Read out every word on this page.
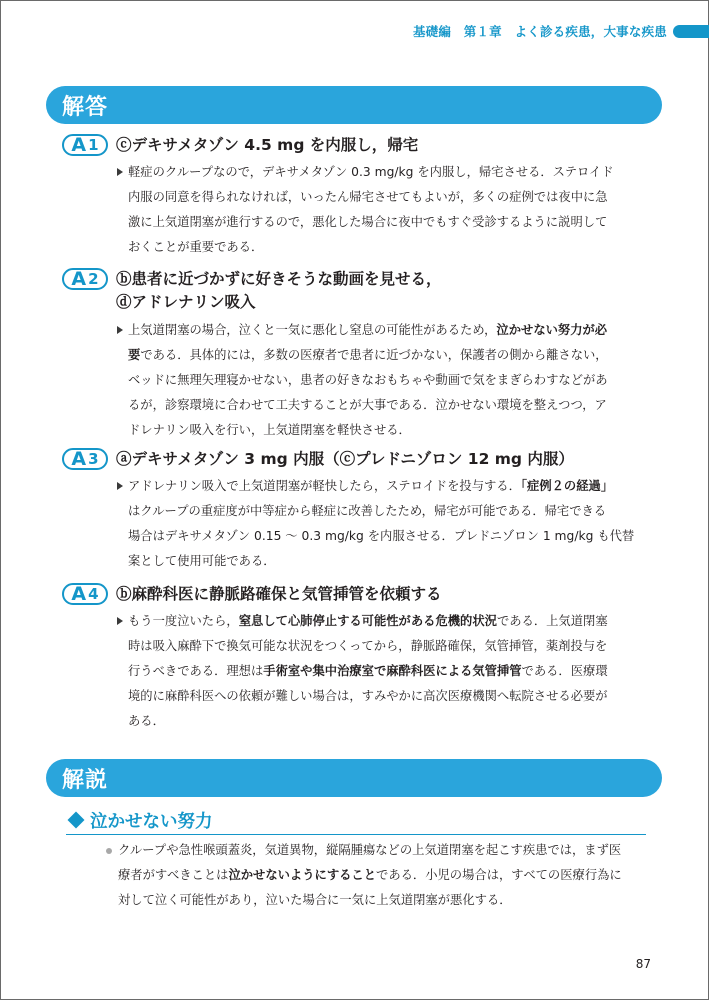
基礎編　第１章　よく診る疾患，大事な疾患
解答
A 1 ⓒデキサメタゾン 4.5 mg を内服し，帰宅
軽症のクループなので，デキサメタゾン 0.3 mg/kg を内服し，帰宅させる．ステロイド
内服の同意を得られなければ，いったん帰宅させてもよいが，多くの症例では夜中に急
激に上気道閉塞が進行するので，悪化した場合に夜中でもすぐ受診するように説明して
おくことが重要である．
A 2 ⓑ患者に近づかずに好きそうな動画を見せる，
ⓓアドレナリン吸入
上気道閉塞の場合，泣くと一気に悪化し窒息の可能性があるため，泣かせない努力が必
要である．具体的には，多数の医療者で患者に近づかない，保護者の側から離さない，
ベッドに無理矢理寝かせない，患者の好きなおもちゃや動画で気をまぎらわすなどがあ
るが，診察環境に合わせて工夫することが大事である．泣かせない環境を整えつつ，ア
ドレナリン吸入を行い，上気道閉塞を軽快させる．
A 3 ⓐデキサメタゾン 3 mg 内服（ⓒプレドニゾロン 12 mg 内服）
アドレナリン吸入で上気道閉塞が軽快したら，ステロイドを投与する．「症例２の経過」
はクループの重症度が中等症から軽症に改善したため，帰宅が可能である．帰宅できる
場合はデキサメタゾン 0.15 〜 0.3 mg/kg を内服させる．プレドニゾロン 1 mg/kg も代替
案として使用可能である．
A 4 ⓑ麻酔科医に静脈路確保と気管挿管を依頼する
もう一度泣いたら，窒息して心肺停止する可能性がある危機的状況である．上気道閉塞
時は吸入麻酔下で換気可能な状況をつくってから，静脈路確保，気管挿管，薬剤投与を
行うべきである．理想は手術室や集中治療室で麻酔科医による気管挿管である．医療環
境的に麻酔科医への依頼が難しい場合は，すみやかに高次医療機関へ転院させる必要が
ある．
解説
泣かせない努力
クループや急性喉頭蓋炎，気道異物，縦隔腫瘍などの上気道閉塞を起こす疾患では，まず医
療者がすべきことは泣かせないようにすることである．小児の場合は，すべての医療行為に
対して泣く可能性があり，泣いた場合に一気に上気道閉塞が悪化する．
87
